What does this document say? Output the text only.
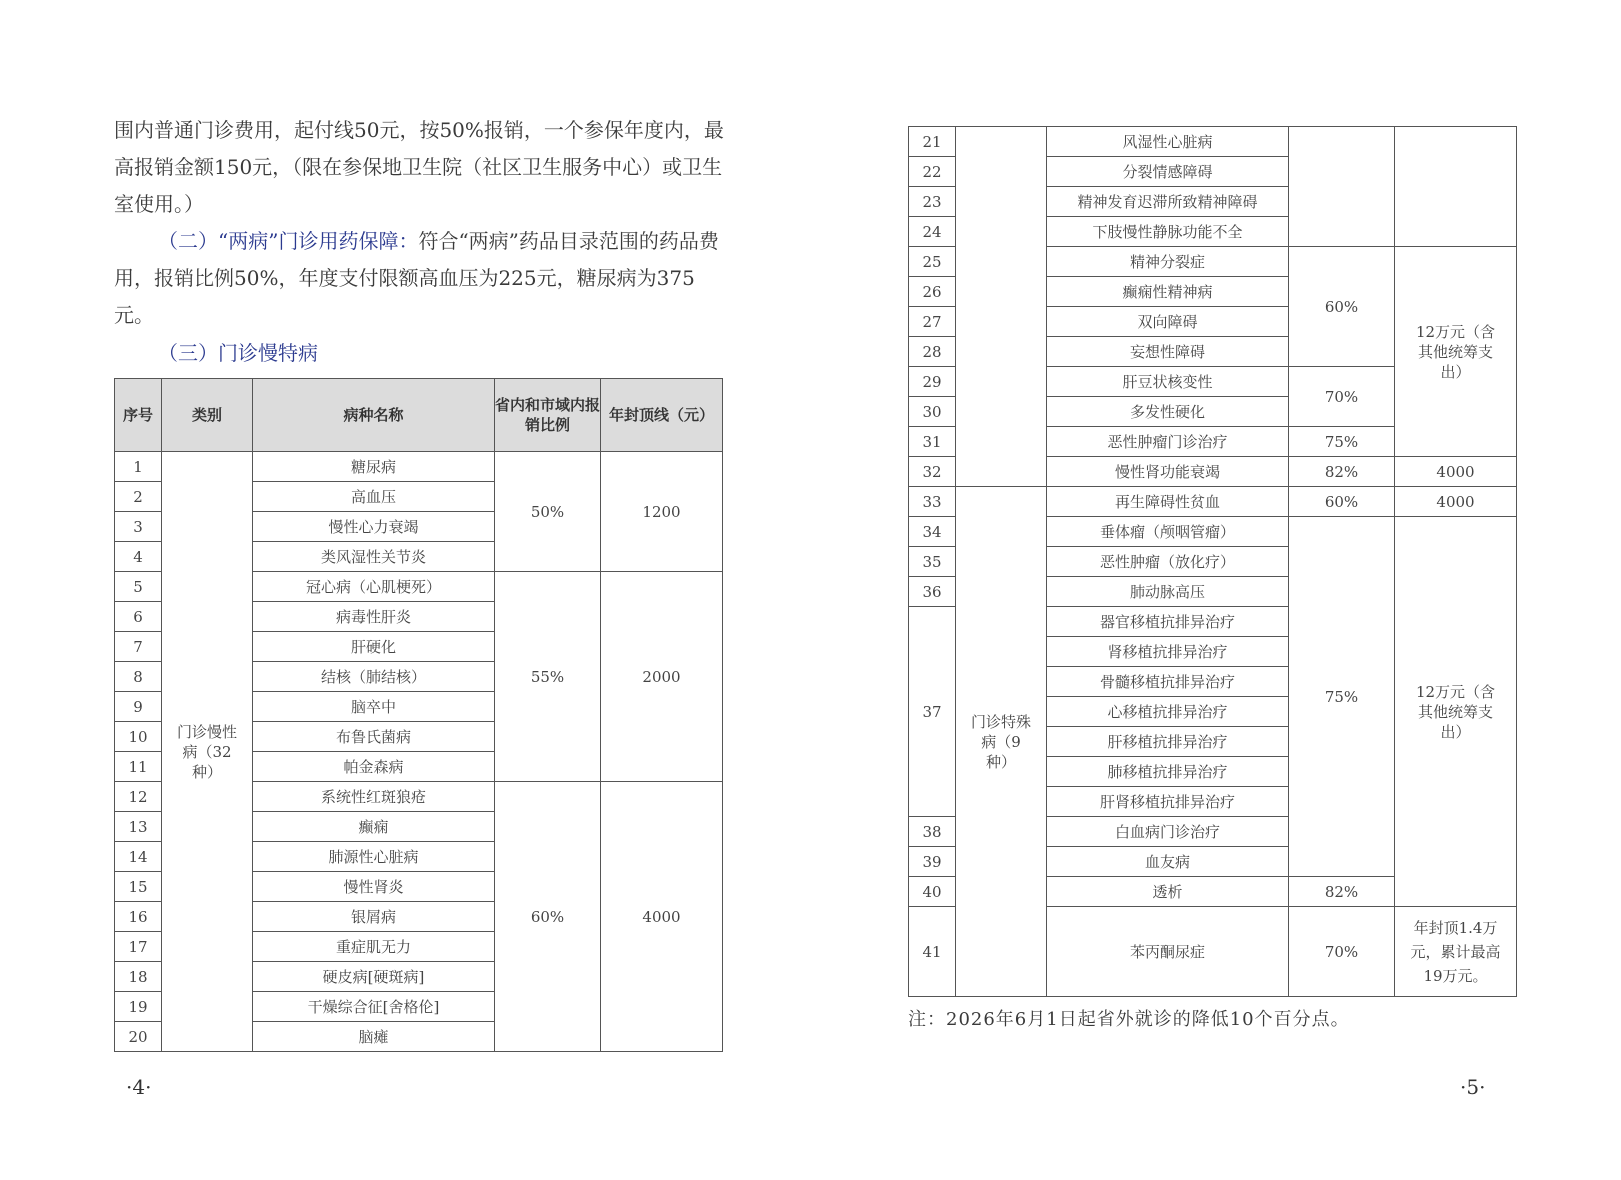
围内普通门诊费用，起付线50元，按50%报销，一个参保年度内，最高报销金额150元，（限在参保地卫生院（社区卫生服务中心）或卫生室使用。）

（二）“两病”门诊用药保障：符合“两病”药品目录范围的药品费用，报销比例50%，年度支付限额高血压为225元，糖尿病为375元。

（三）门诊慢特病

序号	类别	病种名称	省内和市域内报销比例	年封顶线（元）
1	门诊慢性病（32种）	糖尿病	50%	1200
2		高血压		
3		慢性心力衰竭		
4		类风湿性关节炎		
5		冠心病（心肌梗死）	55%	2000
6		病毒性肝炎		
7		肝硬化		
8		结核（肺结核）		
9		脑卒中		
10		布鲁氏菌病		
11		帕金森病		
12		系统性红斑狼疮	60%	4000
13		癫痫		
14		肺源性心脏病		
15		慢性肾炎		
16		银屑病		
17		重症肌无力		
18		硬皮病[硬斑病]		
19		干燥综合征[舍格伦]		
20		脑瘫		
·4·
21		风湿性心脏病		
22		分裂情感障碍		
23		精神发育迟滞所致精神障碍		
24		下肢慢性静脉功能不全		
25		精神分裂症	60%	12万元（含其他统筹支出）
26		癫痫性精神病		
27		双向障碍		
28		妄想性障碍		
29		肝豆状核变性	70%	
30		多发性硬化		
31		恶性肿瘤门诊治疗	75%	
32		慢性肾功能衰竭	82%	4000
33	门诊特殊病（9种）	再生障碍性贫血	60%	4000
34		垂体瘤（颅咽管瘤）	75%	12万元（含其他统筹支出）
35		恶性肿瘤（放化疗）		
36		肺动脉高压		
37		器官移植抗排异治疗		
		肾移植抗排异治疗		
		骨髓移植抗排异治疗		
		心移植抗排异治疗		
		肝移植抗排异治疗		
		肺移植抗排异治疗		
		肝肾移植抗排异治疗		
38		白血病门诊治疗		
39		血友病		
40		透析	82%	
41		苯丙酮尿症	70%	年封顶1.4万元，累计最高19万元。
·5·
注：2026年6月1日起省外就诊的降低10个百分点。
